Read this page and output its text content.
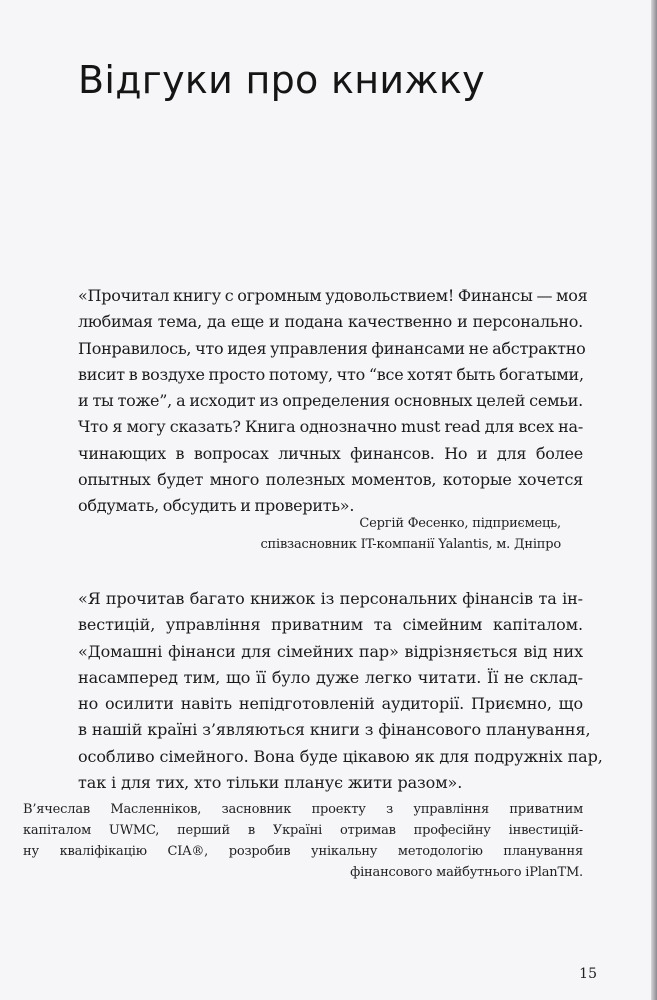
Відгуки про книжку

«Прочитал книгу с огромным удовольствием! Финансы — моя
любимая тема, да еще и подана качественно и персонально.
Понравилось, что идея управления финансами не абстрактно
висит в воздухе просто потому, что “все хотят быть богатыми,
и ты тоже”, а исходит из определения основных целей семьи.
Что я могу сказать? Книга однозначно must read для всех на-
чинающих в вопросах личных финансов. Но и для более
опытных будет много полезных моментов, которые хочется
обдумать, обсудить и проверить».

Сергій Фесенко, підприємець,
співзасновник IT-компанії Yalantis, м. Дніпро

«Я прочитав багато книжок із персональних фінансів та ін-
вестицій, управління приватним та сімейним капіталом.
«Домашні фінанси для сімейних пар» відрізняється від них
насамперед тим, що її було дуже легко читати. Її не склад-
но осилити навіть непідготовленій аудиторії. Приємно, що
в нашій країні з’являються книги з фінансового планування,
особливо сімейного. Вона буде цікавою як для подружніх пар,
так і для тих, хто тільки планує жити разом».

В’ячеслав Масленніков, засновник проекту з управління приватним
капіталом UWMC, перший в Україні отримав професійну інвестицій-
ну кваліфікацію CIA®, розробив унікальну методологію планування
фінансового майбутнього iPlanTM.

15
